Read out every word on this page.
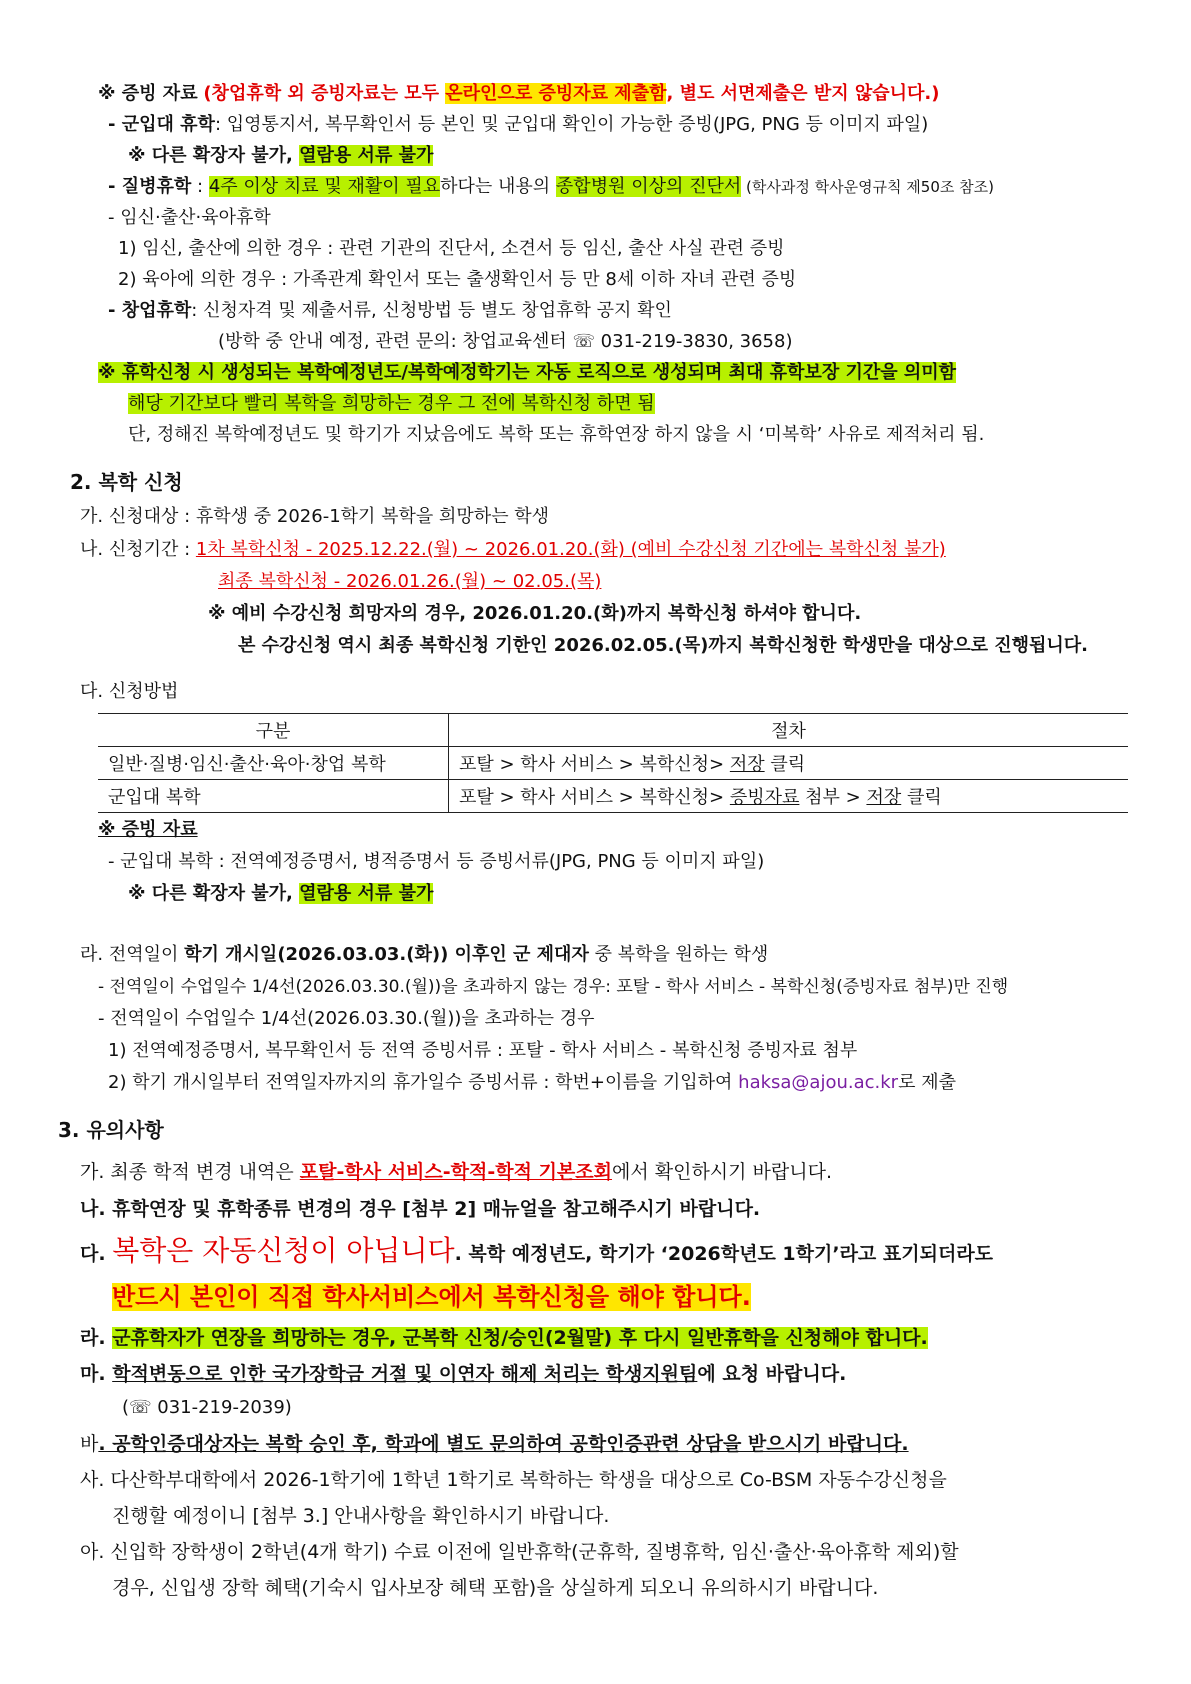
※ 증빙 자료 (창업휴학 외 증빙자료는 모두 온라인으로 증빙자료 제출함, 별도 서면제출은 받지 않습니다.)
- 군입대 휴학: 입영통지서, 복무확인서 등 본인 및 군입대 확인이 가능한 증빙(JPG, PNG 등 이미지 파일)
※ 다른 확장자 불가, 열람용 서류 불가
- 질병휴학 : 4주 이상 치료 및 재활이 필요하다는 내용의 종합병원 이상의 진단서 (학사과정 학사운영규칙 제50조 참조)
- 임신·출산·육아휴학
1) 임신, 출산에 의한 경우 : 관련 기관의 진단서, 소견서 등 임신, 출산 사실 관련 증빙
2) 육아에 의한 경우 : 가족관계 확인서 또는 출생확인서 등 만 8세 이하 자녀 관련 증빙
- 창업휴학: 신청자격 및 제출서류, 신청방법 등 별도 창업휴학 공지 확인
(방학 중 안내 예정, 관련 문의: 창업교육센터 ☏ 031-219-3830, 3658)
※ 휴학신청 시 생성되는 복학예정년도/복학예정학기는 자동 로직으로 생성되며 최대 휴학보장 기간을 의미함
해당 기간보다 빨리 복학을 희망하는 경우 그 전에 복학신청 하면 됨
단, 정해진 복학예정년도 및 학기가 지났음에도 복학 또는 휴학연장 하지 않을 시 ‘미복학’ 사유로 제적처리 됨.
2. 복학 신청
가. 신청대상 : 휴학생 중 2026-1학기 복학을 희망하는 학생
나. 신청기간 : 1차 복학신청 - 2025.12.22.(월) ~ 2026.01.20.(화) (예비 수강신청 기간에는 복학신청 불가)
최종 복학신청 - 2026.01.26.(월) ~ 02.05.(목)
※ 예비 수강신청 희망자의 경우, 2026.01.20.(화)까지 복학신청 하셔야 합니다.
본 수강신청 역시 최종 복학신청 기한인 2026.02.05.(목)까지 복학신청한 학생만을 대상으로 진행됩니다.
다. 신청방법
구분	절차
일반·질병·임신·출산·육아·창업 복학	포탈 > 학사 서비스 > 복학신청> 저장 클릭
군입대 복학	포탈 > 학사 서비스 > 복학신청> 증빙자료 첨부 > 저장 클릭
※ 증빙 자료
- 군입대 복학 : 전역예정증명서, 병적증명서 등 증빙서류(JPG, PNG 등 이미지 파일)
※ 다른 확장자 불가, 열람용 서류 불가
라. 전역일이 학기 개시일(2026.03.03.(화)) 이후인 군 제대자 중 복학을 원하는 학생
- 전역일이 수업일수 1/4선(2026.03.30.(월))을 초과하지 않는 경우: 포탈 - 학사 서비스 - 복학신청(증빙자료 첨부)만 진행
- 전역일이 수업일수 1/4선(2026.03.30.(월))을 초과하는 경우
1) 전역예정증명서, 복무확인서 등 전역 증빙서류 : 포탈 - 학사 서비스 - 복학신청 증빙자료 첨부
2) 학기 개시일부터 전역일자까지의 휴가일수 증빙서류 : 학번+이름을 기입하여 haksa@ajou.ac.kr로 제출
3. 유의사항
가. 최종 학적 변경 내역은 포탈-학사 서비스-학적-학적 기본조회에서 확인하시기 바랍니다.
나. 휴학연장 및 휴학종류 변경의 경우 [첨부 2] 매뉴얼을 참고해주시기 바랍니다.
다. 복학은 자동신청이 아닙니다. 복학 예정년도, 학기가 ‘2026학년도 1학기’라고 표기되더라도
반드시 본인이 직접 학사서비스에서 복학신청을 해야 합니다.
라. 군휴학자가 연장을 희망하는 경우, 군복학 신청/승인(2월말) 후 다시 일반휴학을 신청해야 합니다.
마. 학적변동으로 인한 국가장학금 거절 및 이연자 해제 처리는 학생지원팀에 요청 바랍니다.
(☏ 031-219-2039)
바. 공학인증대상자는 복학 승인 후, 학과에 별도 문의하여 공학인증관련 상담을 받으시기 바랍니다.
사. 다산학부대학에서 2026-1학기에 1학년 1학기로 복학하는 학생을 대상으로 Co-BSM 자동수강신청을
진행할 예정이니 [첨부 3.] 안내사항을 확인하시기 바랍니다.
아. 신입학 장학생이 2학년(4개 학기) 수료 이전에 일반휴학(군휴학, 질병휴학, 임신·출산·육아휴학 제외)할
경우, 신입생 장학 혜택(기숙시 입사보장 혜택 포함)을 상실하게 되오니 유의하시기 바랍니다.
